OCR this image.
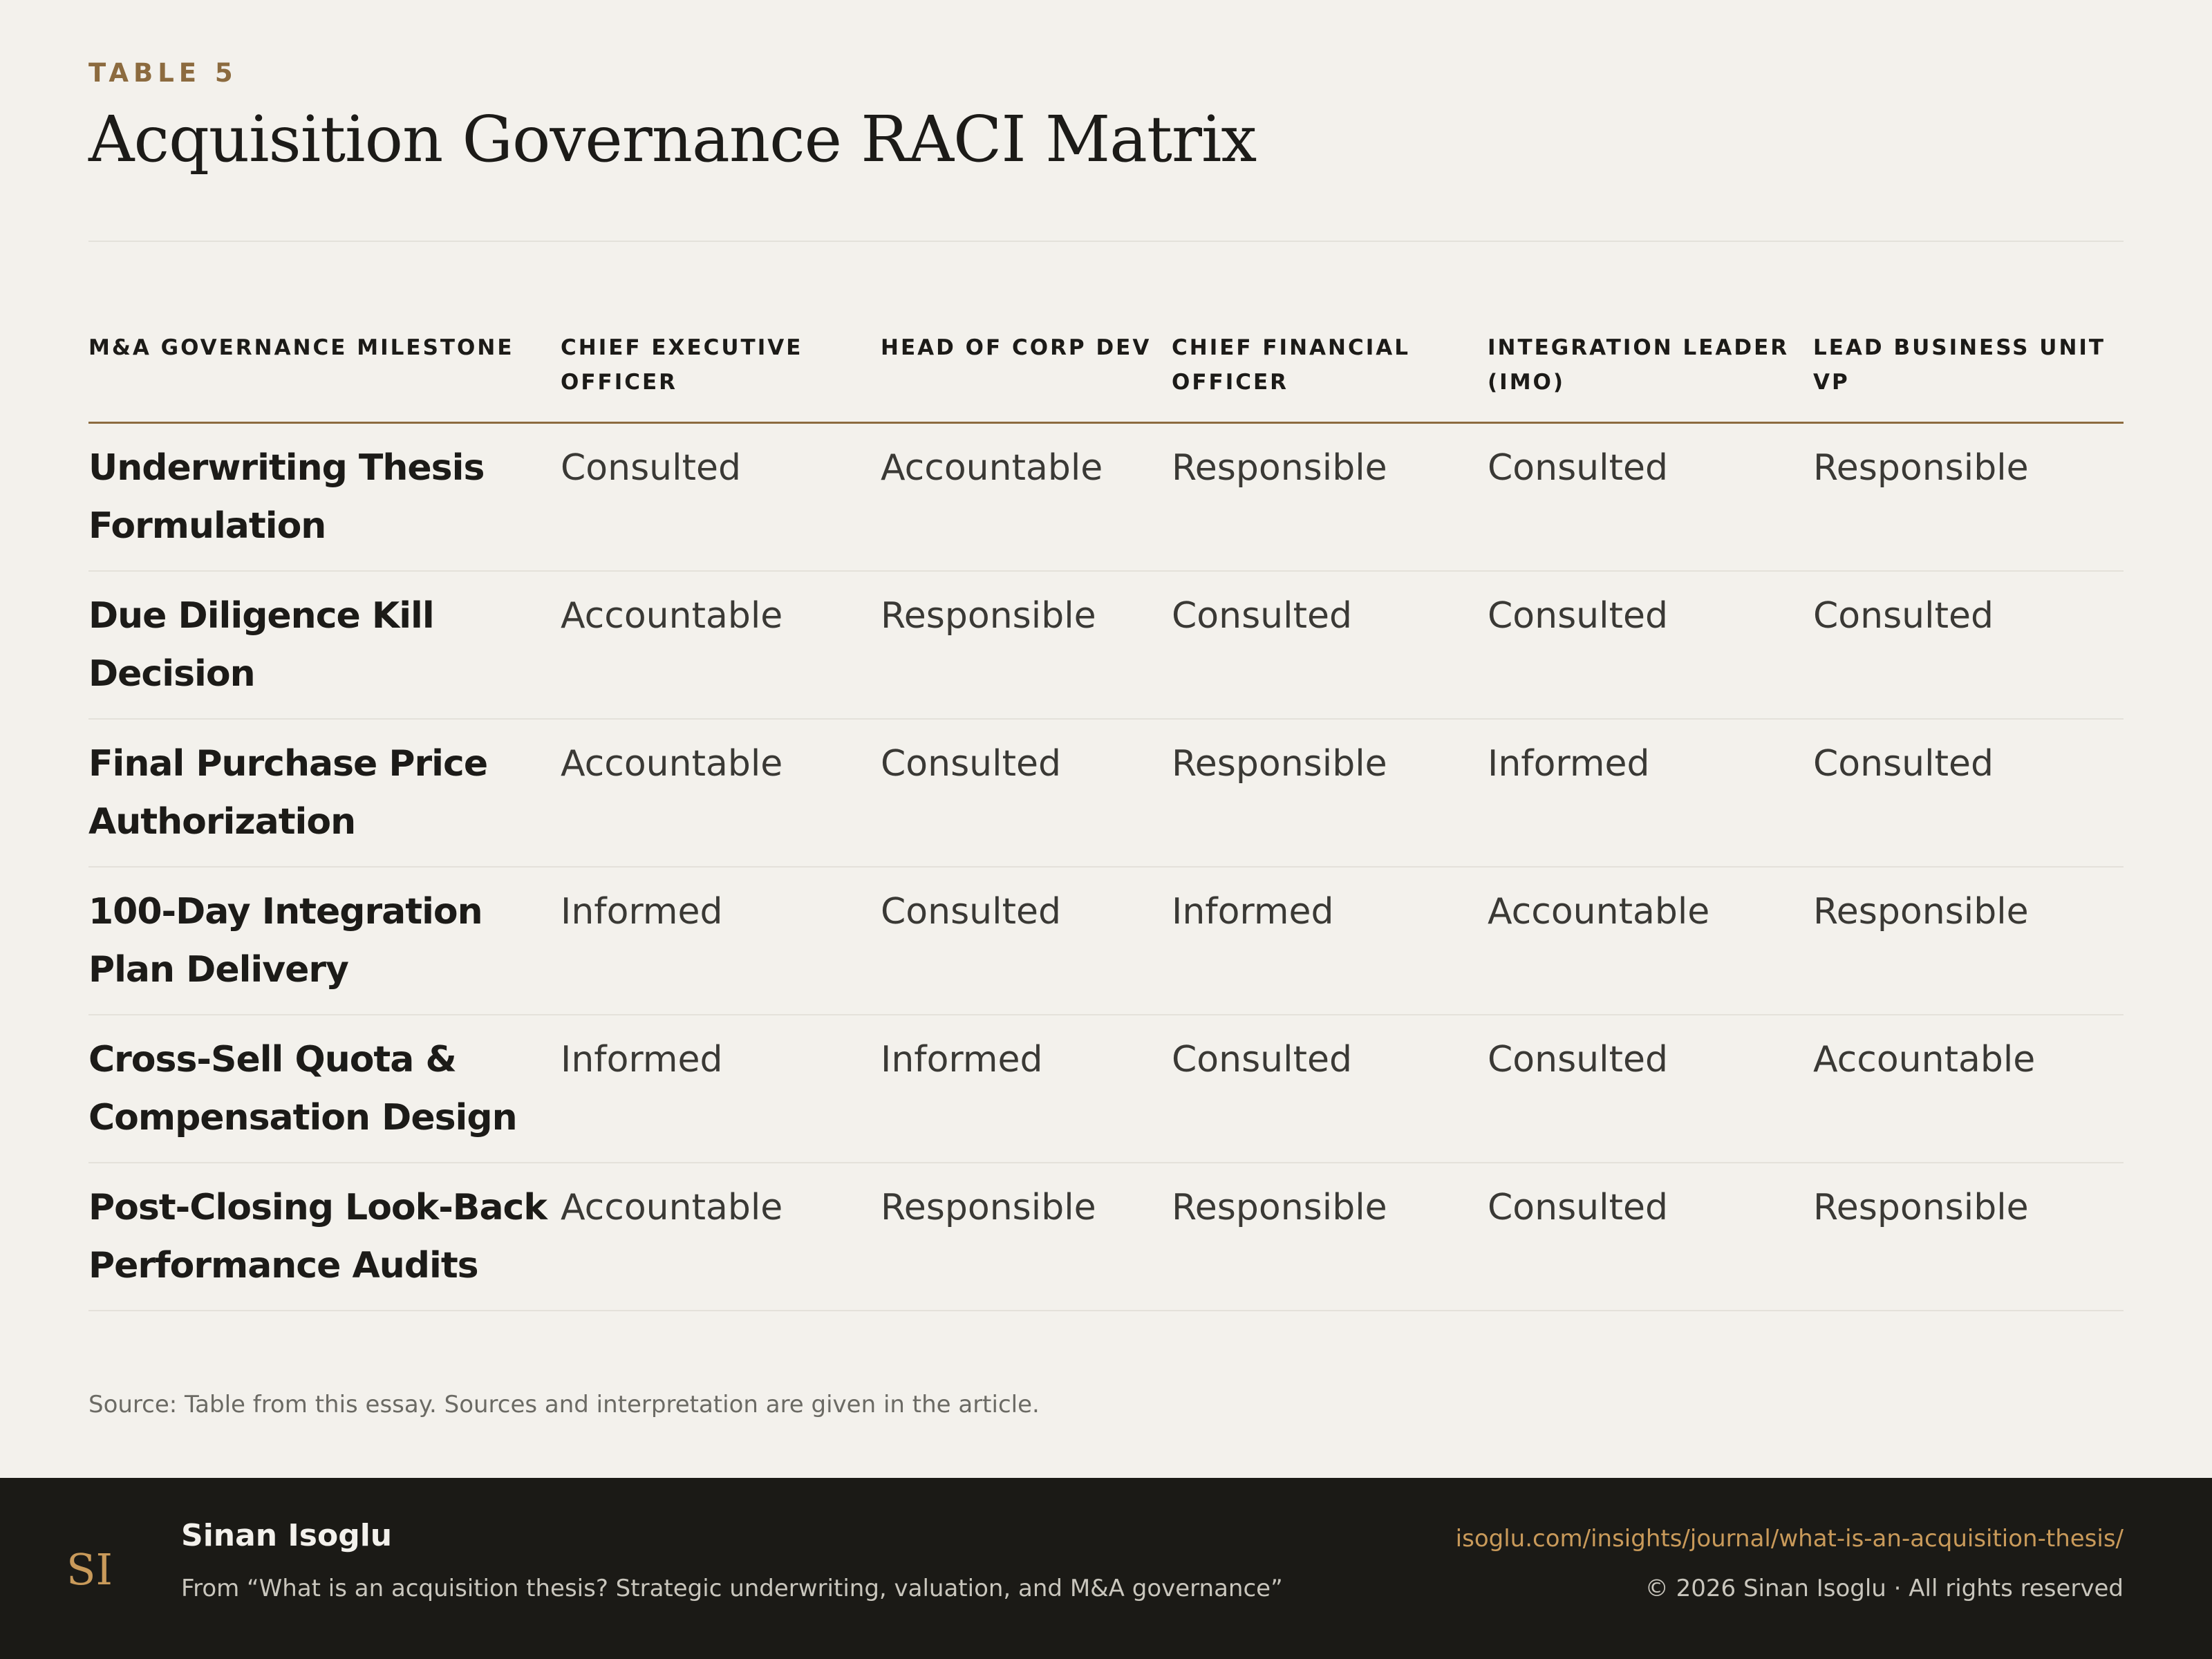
TABLE 5
Acquisition Governance RACI Matrix
M&A GOVERNANCE MILESTONE	CHIEF EXECUTIVE OFFICER	HEAD OF CORP DEV	CHIEF FINANCIAL OFFICER	INTEGRATION LEADER (IMO)	LEAD BUSINESS UNIT VP
Underwriting Thesis Formulation	Consulted	Accountable	Responsible	Consulted	Responsible
Due Diligence Kill Decision	Accountable	Responsible	Consulted	Consulted	Consulted
Final Purchase Price Authorization	Accountable	Consulted	Responsible	Informed	Consulted
100-Day Integration Plan Delivery	Informed	Consulted	Informed	Accountable	Responsible
Cross-Sell Quota & Compensation Design	Informed	Informed	Consulted	Consulted	Accountable
Post-Closing Look-Back Performance Audits	Accountable	Responsible	Responsible	Consulted	Responsible
Source: Table from this essay. Sources and interpretation are given in the article.
SI
Sinan Isoglu
From “What is an acquisition thesis? Strategic underwriting, valuation, and M&A governance”
isoglu.com/insights/journal/what-is-an-acquisition-thesis/
© 2026 Sinan Isoglu · All rights reserved
